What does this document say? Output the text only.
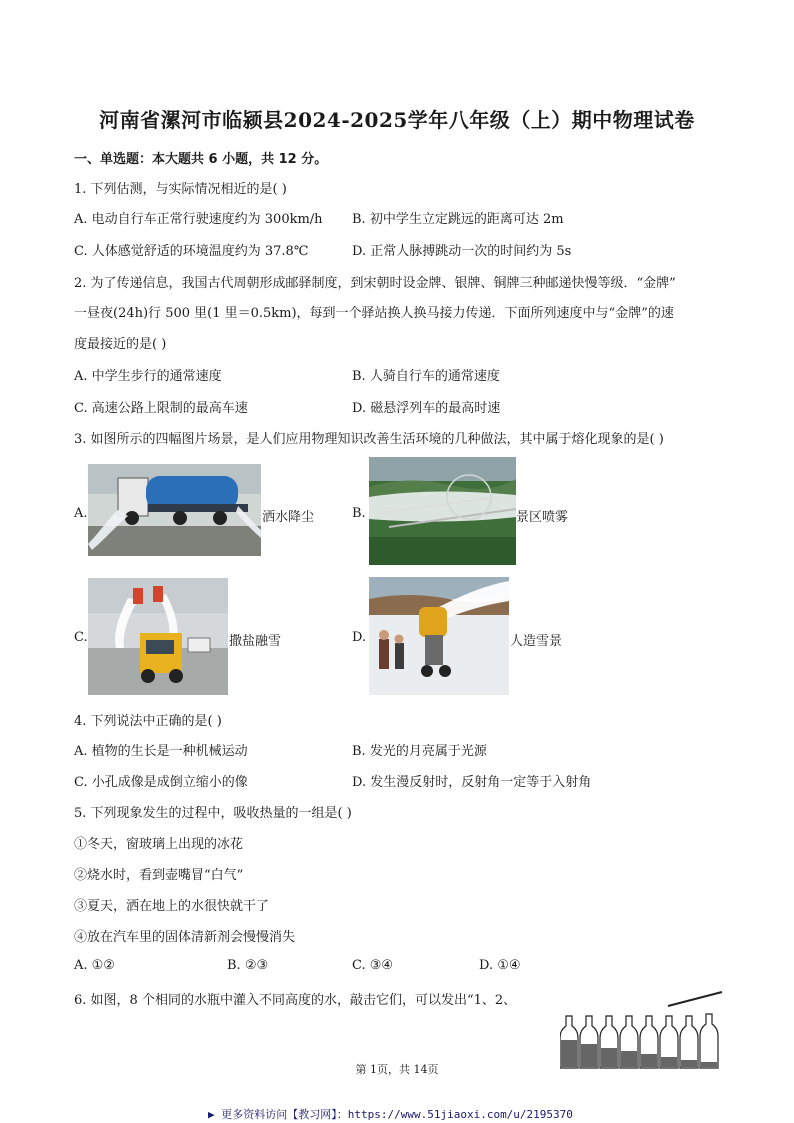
河南省漯河市临颍县2024-2025学年八年级（上）期中物理试卷
一、单选题：本大题共 6 小题，共 12 分。
1. 下列估测，与实际情况相近的是( )
A. 电动自行车正常行驶速度约为 300km/h B. 初中学生立定跳远的距离可达 2m
C. 人体感觉舒适的环境温度约为 37.8℃	D. 正常人脉搏跳动一次的时间约为 5s
2. 为了传递信息，我国古代周朝形成邮驿制度，到宋朝时设金牌、银牌、铜牌三种邮递快慢等级．“金牌”
一昼夜(24h)行 500 里(1 里＝0.5km)，每到一个驿站换人换马接力传递．下面所列速度中与“金牌”的速
度最接近的是( )
A. 中学生步行的通常速度	B. 人骑自行车的通常速度
C. 高速公路上限制的最高车速	D. 磁悬浮列车的最高时速
3. 如图所示的四幅图片场景，是人们应用物理知识改善生活环境的几种做法，其中属于熔化现象的是( )
A.	洒水降尘	B.	景区喷雾
C.	撒盐融雪	D.	人造雪景
4. 下列说法中正确的是( )
A. 植物的生长是一种机械运动	B. 发光的月亮属于光源
C. 小孔成像是成倒立缩小的像	D. 发生漫反射时，反射角一定等于入射角
5. 下列现象发生的过程中，吸收热量的一组是( )
①冬天，窗玻璃上出现的冰花
②烧水时，看到壶嘴冒“白气”
③夏天，洒在地上的水很快就干了
④放在汽车里的固体清新剂会慢慢消失
A. ①②	B. ②③	C. ③④	D. ①④
6. 如图，8 个相同的水瓶中灌入不同高度的水，敲击它们，可以发出“1、2、
第 1页，共 14页
▶ 更多资料访问【教习网】：https://www.51jiaoxi.com/u/2195370
